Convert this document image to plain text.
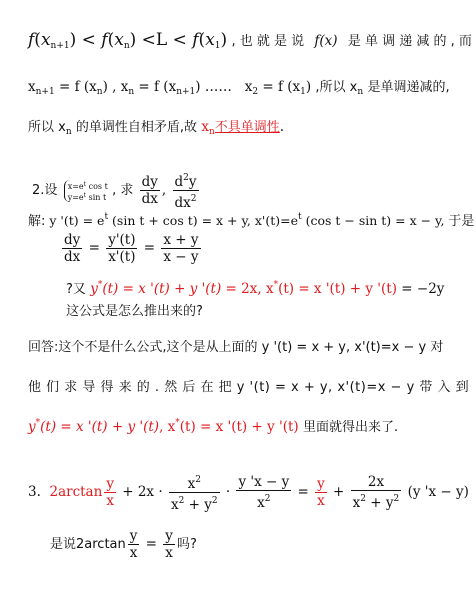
$f(x_{n+1}) < f(x_n) <L < f(x_1)$ , 也 就 是 说 f(x) 是 单 调 递 减 的 , 而
$x_{n+1} = f$ $(x_n)$ , $x_n = f$ $(x_{n+1})$ ……   $x_2 = f$ $(x_1)$ ,所以 $x_n$ 是单调递减的,
所以 $x_n$ 的单调性自相矛盾,故 $x_n$不具单调性.
2.设 $x=e^t$ cos t
$y=e^t$ sin t , 求 $\frac{dy}{dx}$ , $\frac{d^2y}{dx^2}$
解: y '$(t) = e^t$ (sin t + cos t) = x + y, $x'(t)=e^t$ (cos t − sin t) = x − y, 于是
$\frac{dy}{dx} = \frac{y'(t)}{x'(t)} = \frac{x + y}{x - y}$
?又 y*(t) = x '(t) + y '(t) = 2x, x*(t) = x '(t) + y '(t) = −2y
这公式是怎么推出来的?
回答:这个不是什么公式,这个是从上面的 y '(t) = x + y, x'(t)=x − y 对
他 们 求 导 得 来 的 . 然 后 在 把 y '(t) = x + y, x'(t)=x − y 带 入 到
y*(t) = x '(t) + y '(t), x*(t) = x '(t) + y '(t) 里面就得出来了.
3. $2\arctan \frac{y}{x} + 2x \cdot \frac{x^2}{x^2 + y^2} \cdot \frac{y 'x - y}{x^2} = \frac{y}{x} + \frac{2x}{x^2 + y^2} (y$ 'x − y)
是说$2\arctan \frac{y}{x} = \frac{y}{x}$ 吗?
